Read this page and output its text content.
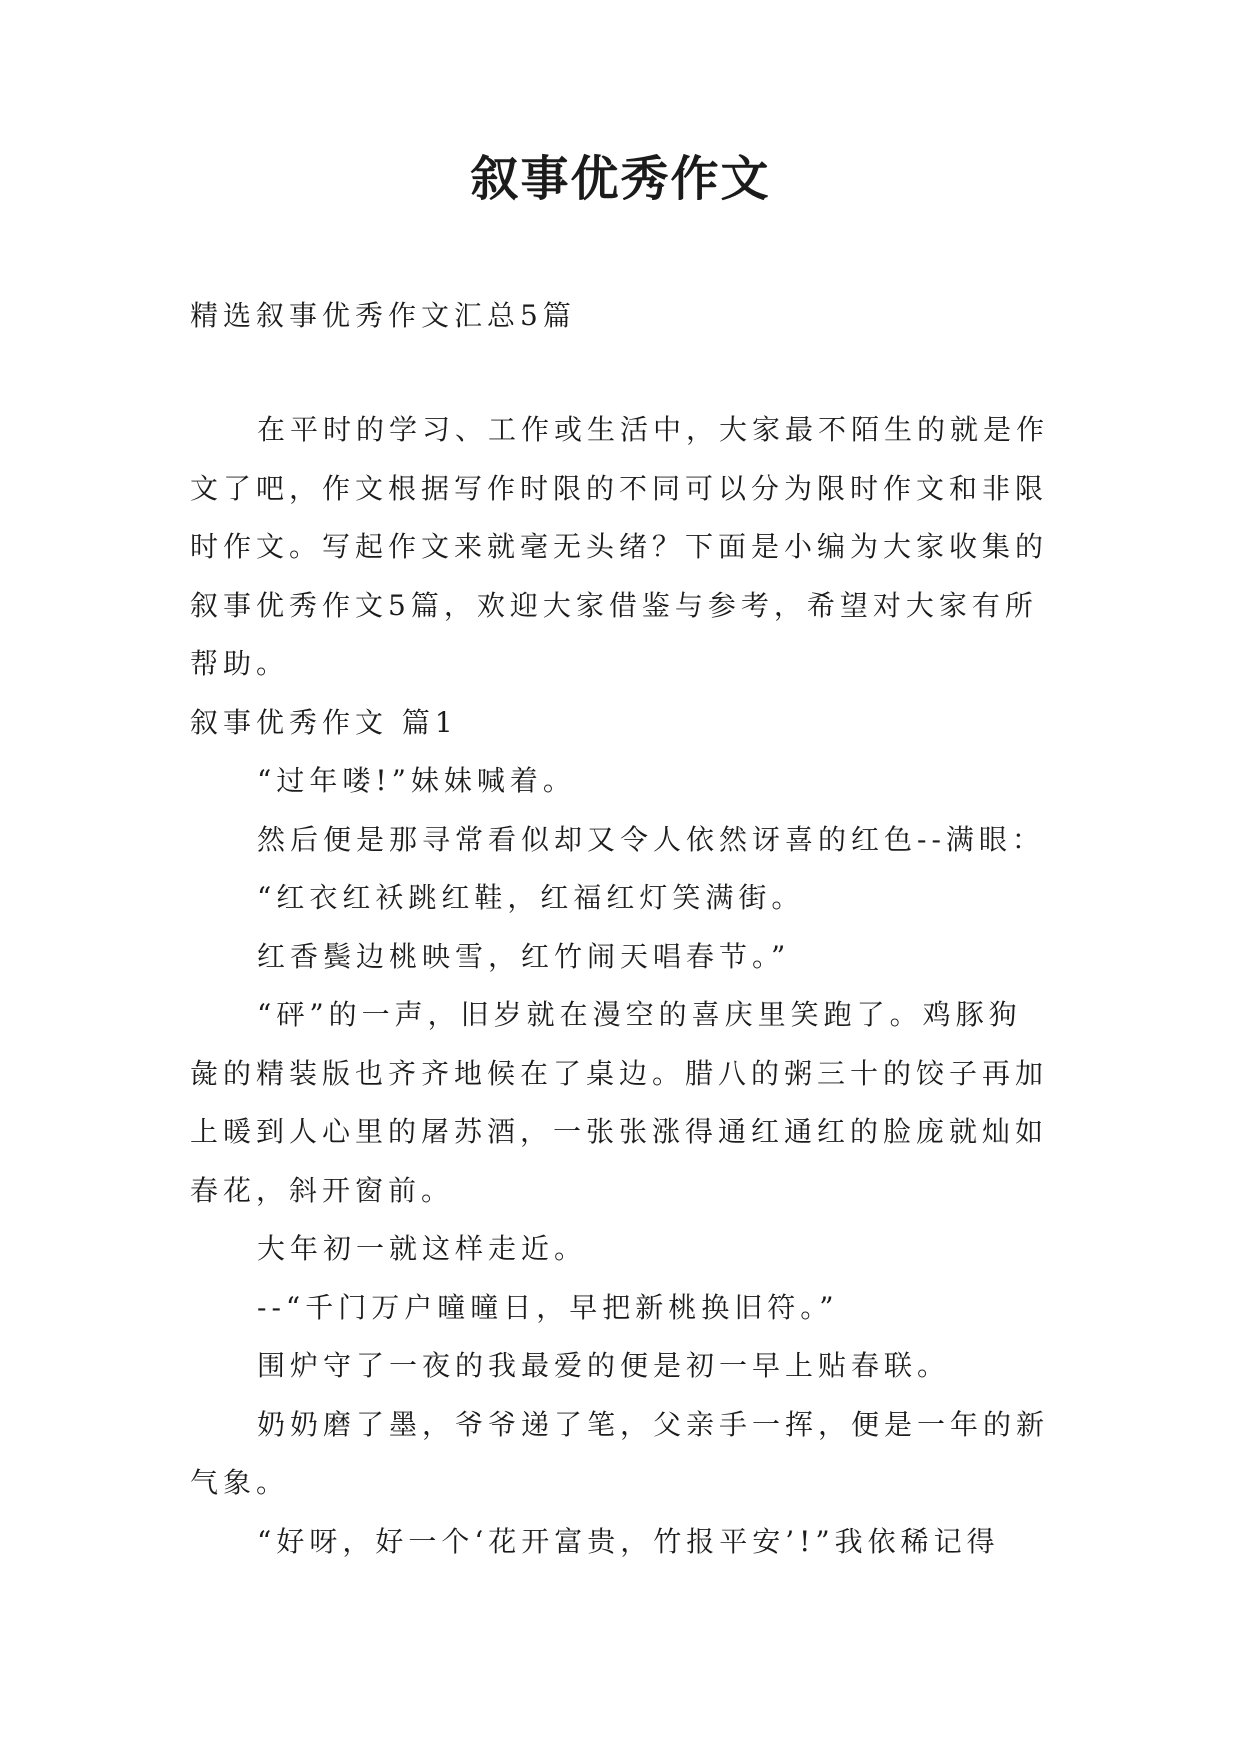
叙事优秀作文
精选叙事优秀作文汇总5篇
在平时的学习、工作或生活中，大家最不陌生的就是作
文了吧，作文根据写作时限的不同可以分为限时作文和非限
时作文。写起作文来就毫无头绪？下面是小编为大家收集的
叙事优秀作文5篇，欢迎大家借鉴与参考，希望对大家有所
帮助。
叙事优秀作文 篇1
“过年喽!”妹妹喊着。
然后便是那寻常看似却又令人依然讶喜的红色--满眼：
“红衣红袄跳红鞋，红福红灯笑满街。
红香鬓边桃映雪，红竹闹天唱春节。”
“砰”的一声，旧岁就在漫空的喜庆里笑跑了。鸡豚狗
彘的精装版也齐齐地候在了桌边。腊八的粥三十的饺子再加
上暖到人心里的屠苏酒，一张张涨得通红通红的脸庞就灿如
春花，斜开窗前。
大年初一就这样走近。
--“千门万户曈曈日，早把新桃换旧符。”
围炉守了一夜的我最爱的便是初一早上贴春联。
奶奶磨了墨，爷爷递了笔，父亲手一挥，便是一年的新
气象。
“好呀，好一个‘花开富贵，竹报平安’!”我依稀记得
